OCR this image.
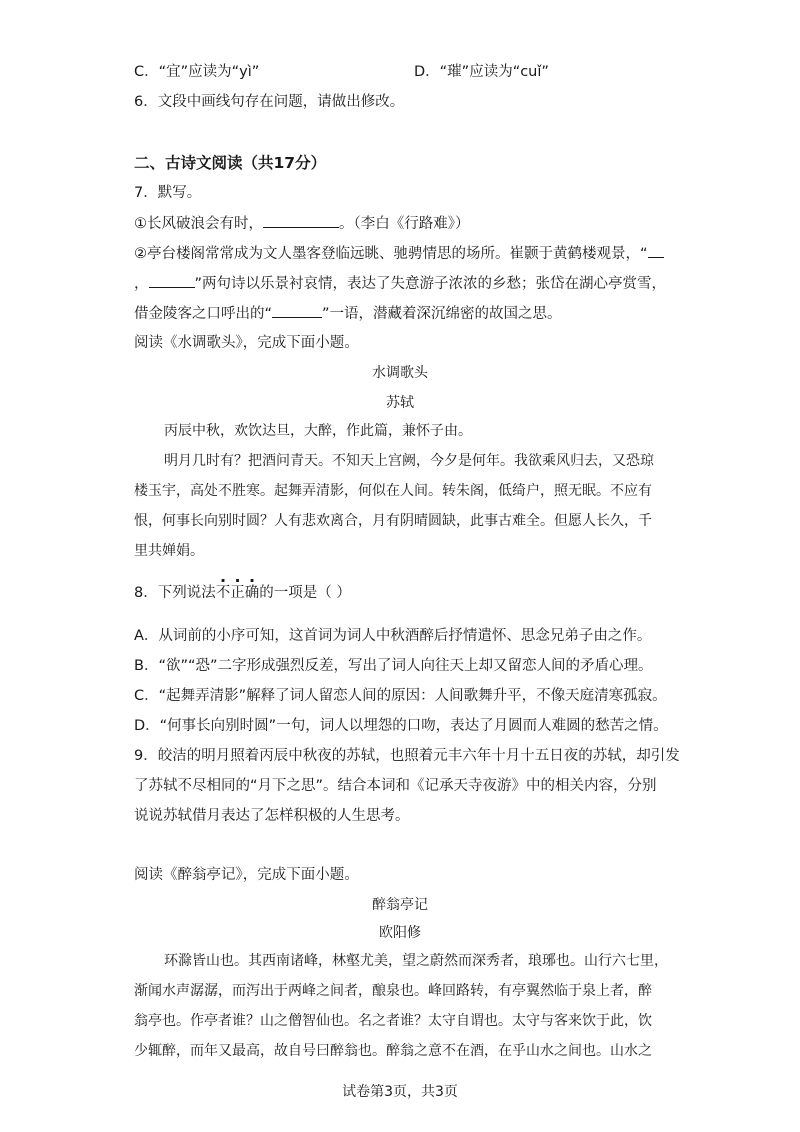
C．“宜”应读为“yì”	D．“璀”应读为“cuǐ”
6．文段中画线句存在问题，请做出修改。
二、古诗文阅读（共17分）
7．默写。
①长风破浪会有时，	。（李白《行路难》）
②亭台楼阁常常成为文人墨客登临远眺、驰骋情思的场所。崔颢于黄鹤楼观景，“
，	”两句诗以乐景衬哀情，表达了失意游子浓浓的乡愁；张岱在湖心亭赏雪，
借金陵客之口呼出的“	”一语，潜藏着深沉绵密的故国之思。
阅读《水调歌头》，完成下面小题。
水调歌头
苏轼
丙辰中秋，欢饮达旦，大醉，作此篇，兼怀子由。
明月几时有？把酒问青天。不知天上宫阙，今夕是何年。我欲乘风归去，又恐琼
楼玉宇，高处不胜寒。起舞弄清影，何似在人间。转朱阁，低绮户，照无眠。不应有
恨，何事长向别时圆？人有悲欢离合，月有阴晴圆缺，此事古难全。但愿人长久，千
里共婵娟。
8．下列说法不正确的一项是（ ）
A．从词前的小序可知，这首词为词人中秋酒醉后抒情遣怀、思念兄弟子由之作。
B．“欲”“恐”二字形成强烈反差，写出了词人向往天上却又留恋人间的矛盾心理。
C．“起舞弄清影”解释了词人留恋人间的原因：人间歌舞升平，不像天庭清寒孤寂。
D．“何事长向别时圆”一句，词人以埋怨的口吻，表达了月圆而人难圆的愁苦之情。
9．皎洁的明月照着丙辰中秋夜的苏轼，也照着元丰六年十月十五日夜的苏轼，却引发
了苏轼不尽相同的“月下之思”。结合本词和《记承天寺夜游》中的相关内容，分别
说说苏轼借月表达了怎样积极的人生思考。
阅读《醉翁亭记》，完成下面小题。
醉翁亭记
欧阳修
环滁皆山也。其西南诸峰，林壑尤美，望之蔚然而深秀者，琅琊也。山行六七里，
渐闻水声潺潺，而泻出于两峰之间者，酿泉也。峰回路转，有亭翼然临于泉上者，醉
翁亭也。作亭者谁？山之僧智仙也。名之者谁？太守自谓也。太守与客来饮于此，饮
少辄醉，而年又最高，故自号曰醉翁也。醉翁之意不在酒，在乎山水之间也。山水之
试卷第3页，共3页
